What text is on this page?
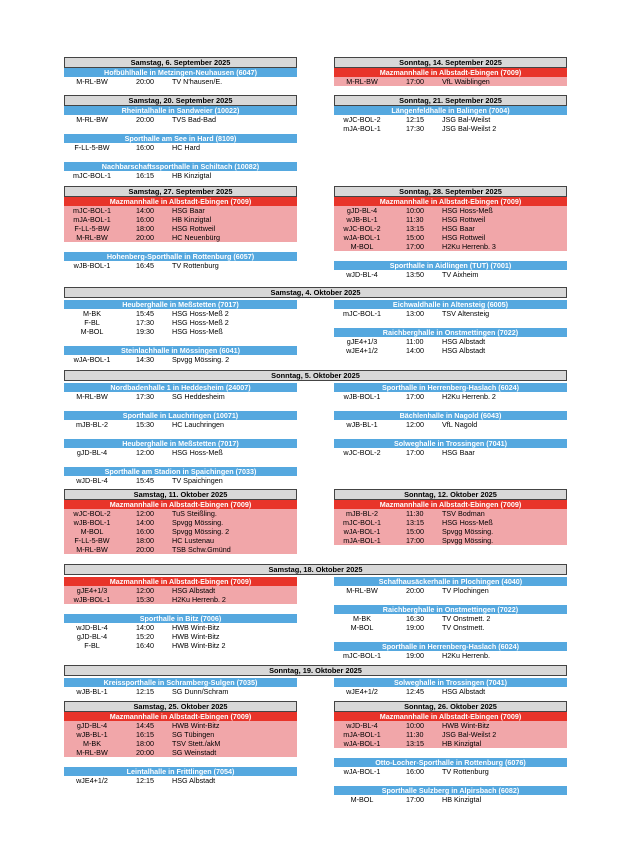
Samstag, 6. September 2025
Hofbühlhalle in Metzingen-Neuhausen (6047)
M-RL-BW	20:00	TV N'hausen/E.
Sonntag, 14. September 2025
Mazmannhalle in Albstadt-Ebingen (7009)
M-RL-BW	17:00	VfL Waiblingen
Samstag, 20. September 2025
Rheintalhalle in Sandweier (10022)
M-RL-BW	20:00	TVS Bad-Bad
Sporthalle am See in Hard (8109)
F-LL-5-BW	16:00	HC Hard
Nachbarschaftssporthalle in Schiltach (10082)
mJC-BOL-1	16:15	HB Kinzigtal
Sonntag, 21. September 2025
Längenfeldhalle in Balingen (7004)
wJC-BOL-2	12:15	JSG Bal-Weilst
mJA-BOL-1	17:30	JSG Bal-Weilst 2
Samstag, 27. September 2025
Mazmannhalle in Albstadt-Ebingen (7009)
mJC-BOL-1	14:00	HSG Baar
mJA-BOL-1	16:00	HB Kinzigtal
F-LL-5-BW	18:00	HSG Rottweil
M-RL-BW	20:00	HC Neuenbürg
Hohenberg-Sporthalle in Rottenburg (6057)
wJB-BOL-1	16:45	TV Rottenburg
Sonntag, 28. September 2025
Mazmannhalle in Albstadt-Ebingen (7009)
gJD-BL-4	10:00	HSG Hoss-Meß
wJB-BL-1	11:30	HSG Rottweil
wJC-BOL-2	13:15	HSG Baar
wJA-BOL-1	15:00	HSG Rottweil
M-BOL	17:00	H2Ku Herrenb. 3
Sporthalle in Aidlingen (TUT) (7001)
wJD-BL-4	13:50	TV Aixheim
Samstag, 4. Oktober 2025
Heuberghalle in Meßstetten (7017)
M-BK	15:45	HSG Hoss-Meß 2
F-BL	17:30	HSG Hoss-Meß 2
M-BOL	19:30	HSG Hoss-Meß
Steinlachhalle in Mössingen (6041)
wJA-BOL-1	14:30	Spvgg Mössing. 2
Eichwaldhalle in Altensteig (6005)
mJC-BOL-1	13:00	TSV Altensteig
Raichberghalle in Onstmettingen (7022)
gJE4+1/3	11:00	HSG Albstadt
wJE4+1/2	14:00	HSG Albstadt
Sonntag, 5. Oktober 2025
Nordbadenhalle 1 in Heddesheim (24007)
M-RL-BW	17:30	SG Heddesheim
Sporthalle in Lauchringen (10071)
mJB-BL-2	15:30	HC Lauchringen
Heuberghalle in Meßstetten (7017)
gJD-BL-4	12:00	HSG Hoss-Meß
Sporthalle am Stadion in Spaichingen (7033)
wJD-BL-4	15:45	TV Spaichingen
Sporthalle in Herrenberg-Haslach (6024)
wJB-BOL-1	17:00	H2Ku Herrenb. 2
Bächlenhalle in Nagold (6043)
wJB-BL-1	12:00	VfL Nagold
Solweghalle in Trossingen (7041)
wJC-BOL-2	17:00	HSG Baar
Samstag, 11. Oktober 2025
Mazmannhalle in Albstadt-Ebingen (7009)
wJC-BOL-2	12:00	TuS Steißling.
wJB-BOL-1	14:00	Spvgg Mössing.
M-BOL	16:00	Spvgg Mössing. 2
F-LL-5-BW	18:00	HC Lustenau
M-RL-BW	20:00	TSB Schw.Gmünd
Sonntag, 12. Oktober 2025
Mazmannhalle in Albstadt-Ebingen (7009)
mJB-BL-2	11:30	TSV Bodman
mJC-BOL-1	13:15	HSG Hoss-Meß
wJA-BOL-1	15:00	Spvgg Mössing.
mJA-BOL-1	17:00	Spvgg Mössing.
Samstag, 18. Oktober 2025
Mazmannhalle in Albstadt-Ebingen (7009)
gJE4+1/3	12:00	HSG Albstadt
wJB-BOL-1	15:30	H2Ku Herrenb. 2
Sporthalle in Bitz (7006)
wJD-BL-4	14:00	HWB Wint-Bitz
gJD-BL-4	15:20	HWB Wint-Bitz
F-BL	16:40	HWB Wint-Bitz 2
Schafhausäckerhalle in Plochingen (4040)
M-RL-BW	20:00	TV Plochingen
Raichberghalle in Onstmettingen (7022)
M-BK	16:30	TV Onstmett. 2
M-BOL	19:00	TV Onstmett.
Sporthalle in Herrenberg-Haslach (6024)
mJC-BOL-1	19:00	H2Ku Herrenb.
Sonntag, 19. Oktober 2025
Kreissporthalle in Schramberg-Sulgen (7035)
wJB-BL-1	12:15	SG Dunn/Schram
Solweghalle in Trossingen (7041)
wJE4+1/2	12:45	HSG Albstadt
Samstag, 25. Oktober 2025
Mazmannhalle in Albstadt-Ebingen (7009)
gJD-BL-4	14:45	HWB Wint-Bitz
wJB-BL-1	16:15	SG Tübingen
M-BK	18:00	TSV Stett./akM
M-RL-BW	20:00	SG Weinstadt
Leintalhalle in Frittlingen (7054)
wJE4+1/2	12:15	HSG Albstadt
Sonntag, 26. Oktober 2025
Mazmannhalle in Albstadt-Ebingen (7009)
wJD-BL-4	10:00	HWB Wint-Bitz
mJA-BOL-1	11:30	JSG Bal-Weilst 2
wJA-BOL-1	13:15	HB Kinzigtal
Otto-Locher-Sporthalle in Rottenburg (6076)
wJA-BOL-1	16:00	TV Rottenburg
Sporthalle Sulzberg in Alpirsbach (6082)
M-BOL	17:00	HB Kinzigtal
